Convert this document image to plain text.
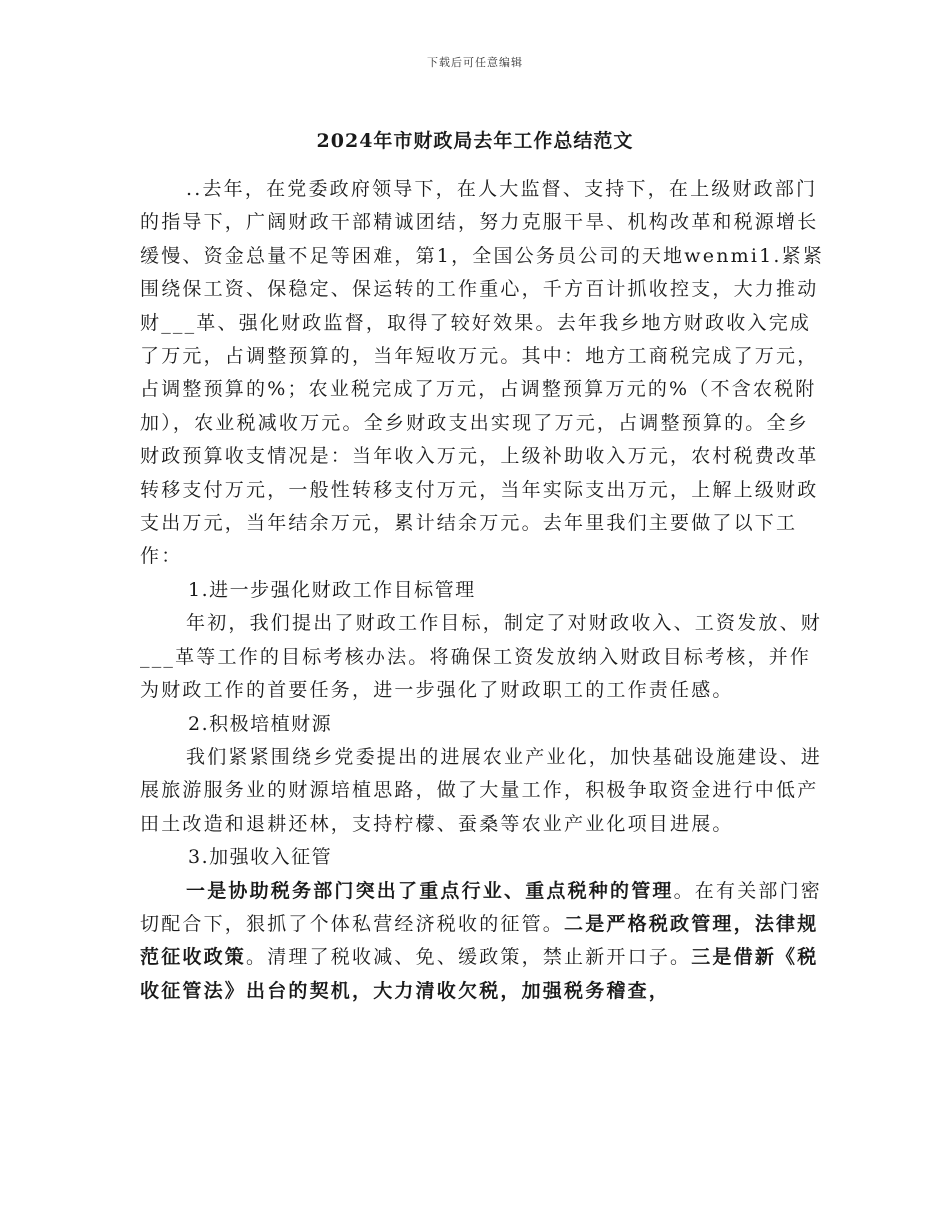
下载后可任意编辑
2024年市财政局去年工作总结范文

..去年，在党委政府领导下，在人大监督、支持下，在上级财政部门的指导下，广阔财政干部精诚团结，努力克服干旱、机构改革和税源增长缓慢、资金总量不足等困难，第1，全国公务员公司的天地wenmi1.紧紧围绕保工资、保稳定、保运转的工作重心，千方百计抓收控支，大力推动财___革、强化财政监督，取得了较好效果。去年我乡地方财政收入完成了万元，占调整预算的，当年短收万元。其中：地方工商税完成了万元，占调整预算的%；农业税完成了万元，占调整预算万元的%（不含农税附加），农业税减收万元。全乡财政支出实现了万元，占调整预算的。全乡财政预算收支情况是：当年收入万元，上级补助收入万元，农村税费改革转移支付万元，一般性转移支付万元，当年实际支出万元，上解上级财政支出万元，当年结余万元，累计结余万元。去年里我们主要做了以下工作：

1.进一步强化财政工作目标管理

年初，我们提出了财政工作目标，制定了对财政收入、工资发放、财___革等工作的目标考核办法。将确保工资发放纳入财政目标考核，并作为财政工作的首要任务，进一步强化了财政职工的工作责任感。

2.积极培植财源

我们紧紧围绕乡党委提出的进展农业产业化，加快基础设施建设、进展旅游服务业的财源培植思路，做了大量工作，积极争取资金进行中低产田土改造和退耕还林，支持柠檬、蚕桑等农业产业化项目进展。

3.加强收入征管

一是协助税务部门突出了重点行业、重点税种的管理。在有关部门密切配合下，狠抓了个体私营经济税收的征管。二是严格税政管理，法律规范征收政策。清理了税收减、免、缓政策，禁止新开口子。三是借新《税收征管法》出台的契机，大力清收欠税，加强税务稽查，
